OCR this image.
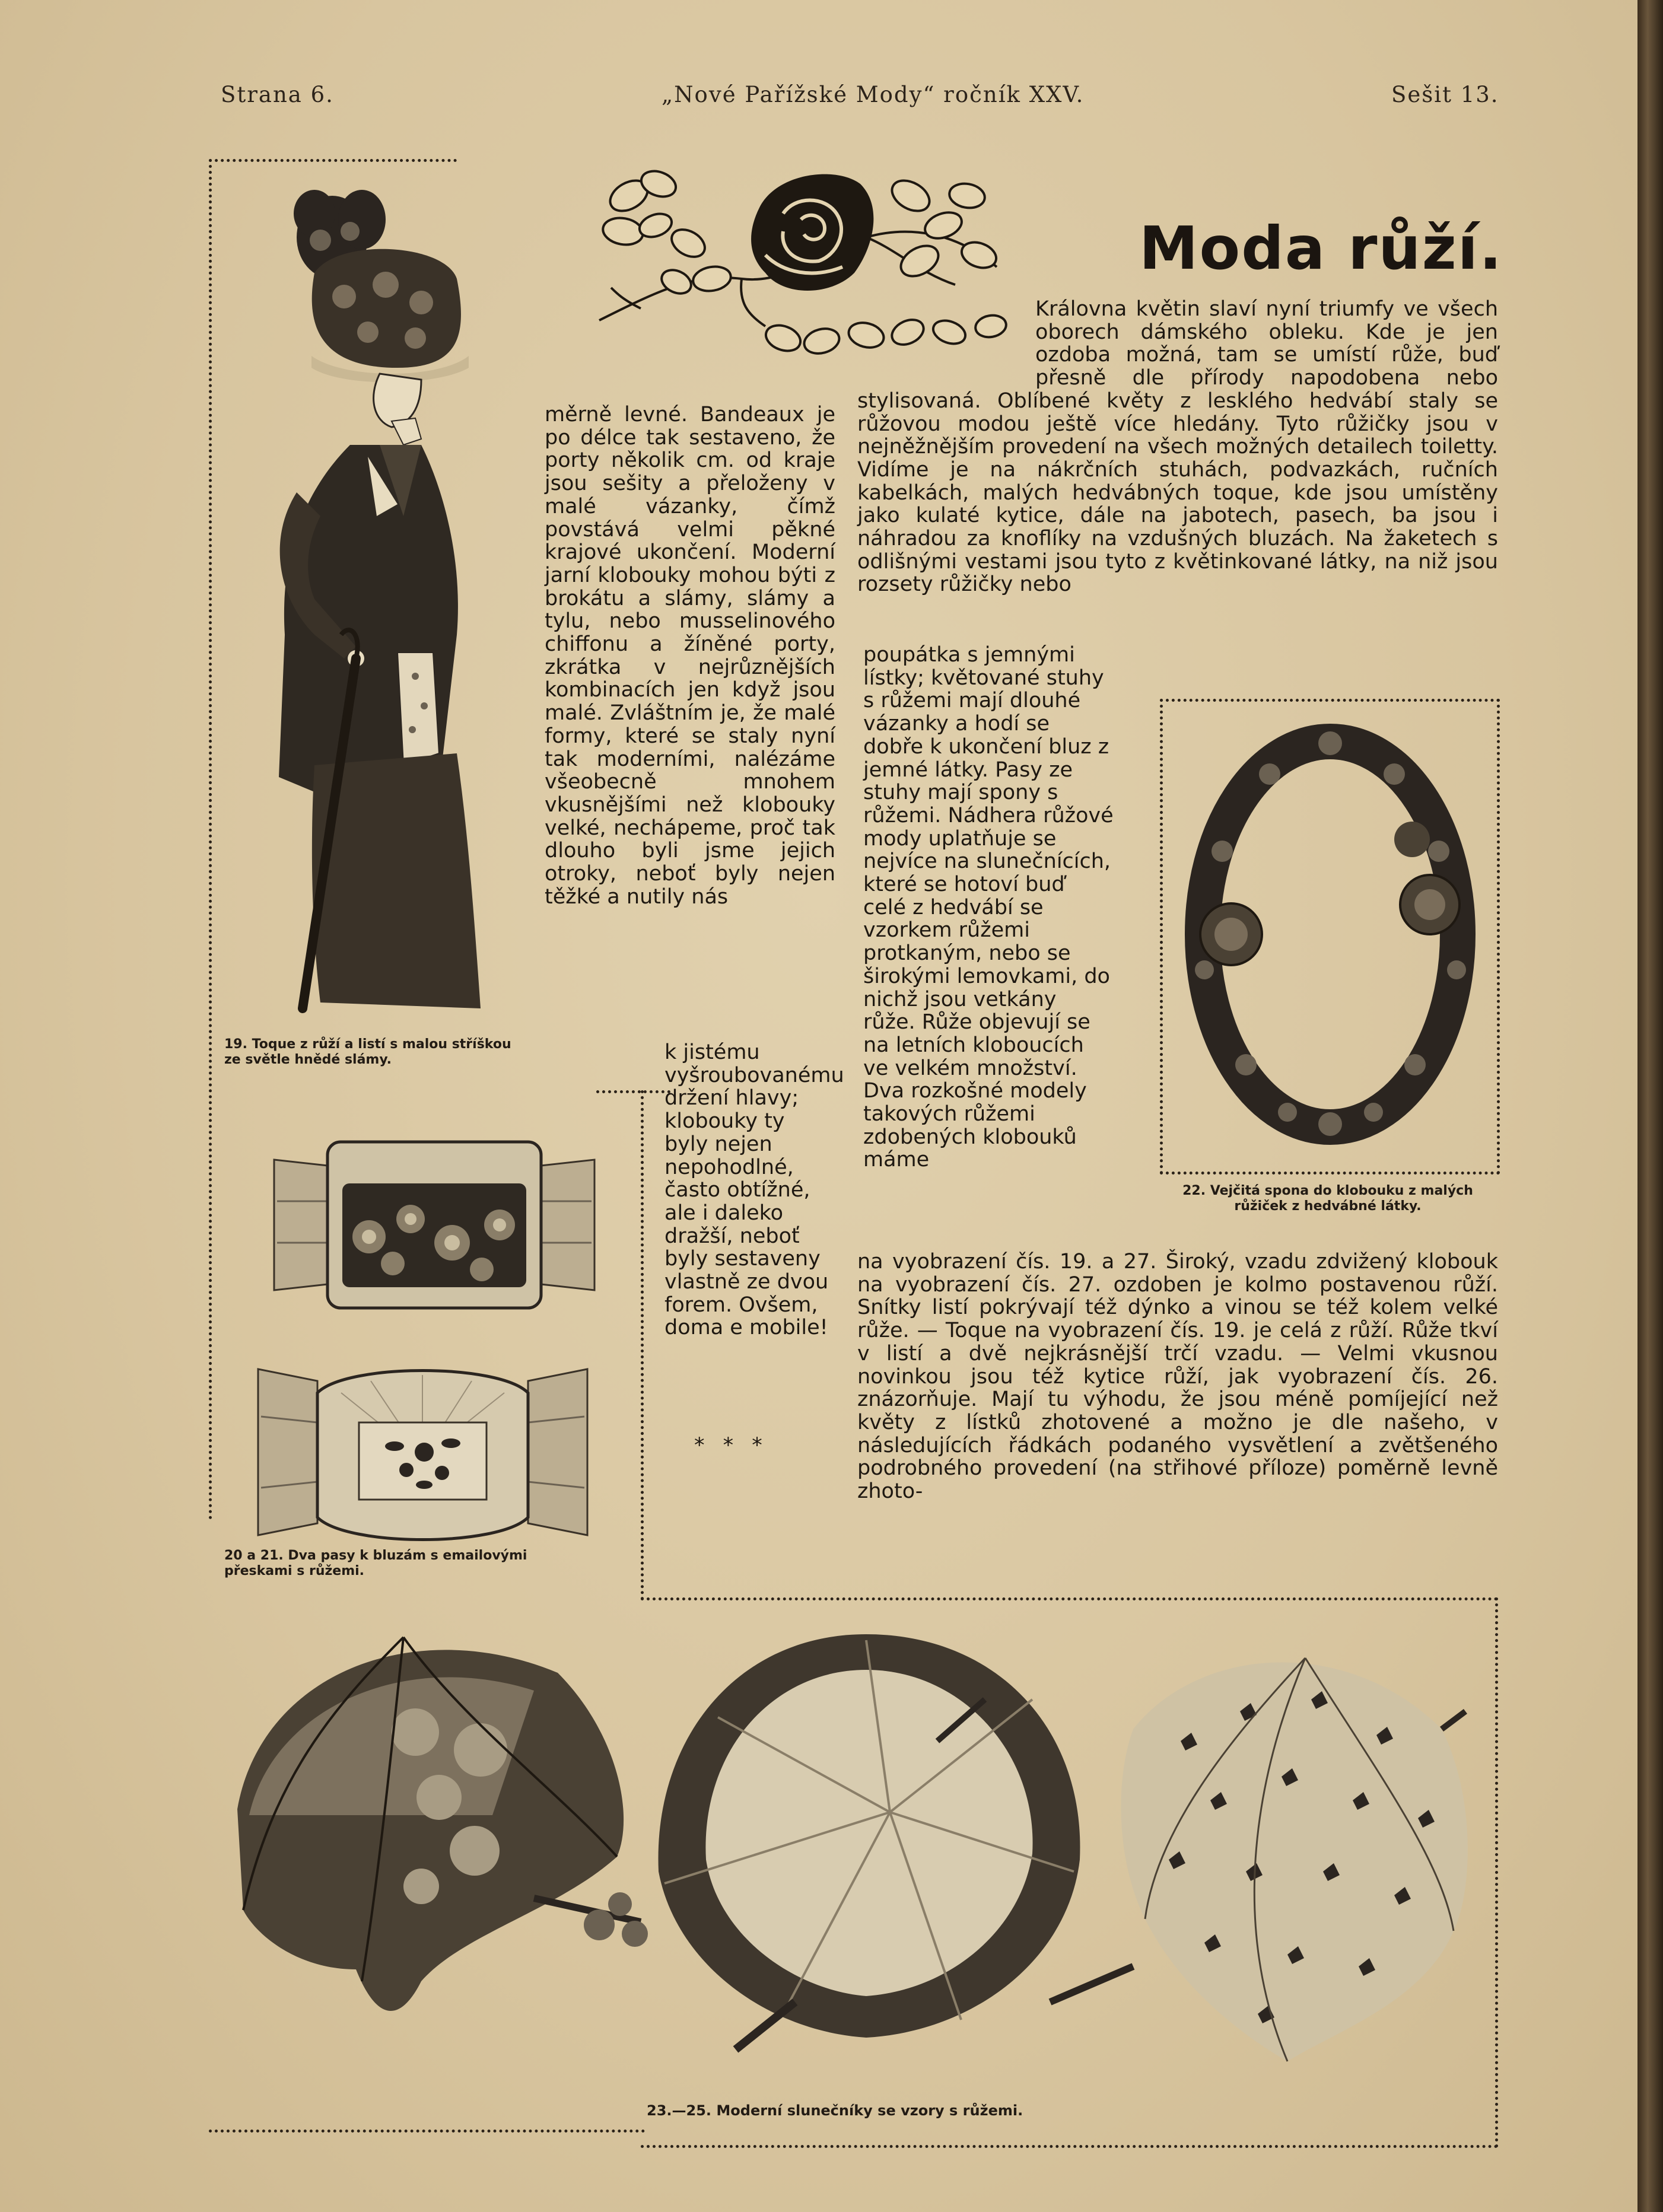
Strana 6.	„Nové Pařížské Mody“ ročník XXV.	Sešit 13.
Moda růží.
Královna květin slaví nyní triumfy ve všech oborech dámského obleku. Kde je jen ozdoba možná, tam se umístí růže, buď přesně dle přírody napodobena nebo stylisovaná. Oblíbené květy z lesklého hedvábí staly se růžovou modou ještě více hledány. Tyto růžičky jsou v nejněžnějším provedení na všech možných detailech toiletty. Vidíme je na nákrčních stuhách, podvazkách, ručních kabelkách, malých hedvábných toque, kde jsou umístěny jako kulaté kytice, dále na jabotech, pasech, ba jsou i náhradou za knoflíky na vzdušných bluzách. Na žaketech s odlišnými vestami jsou tyto z květinkované látky, na niž jsou rozsety růžičky nebo
poupátka s jemnými lístky; květované stuhy s růžemi mají dlouhé vázanky a hodí se dobře k ukončení bluz z jemné látky. Pasy ze stuhy mají spony s růžemi. Nádhera růžové mody uplatňuje se nejvíce na slunečnících, které se hotoví buď celé z hedvábí se vzorkem růžemi protkaným, nebo se širokými lemovkami, do nichž jsou vetkány růže. Růže objevují se na letních kloboucích ve velkém množství. Dva rozkošné modely takových růžemi zdobených klobouků máme
na vyobrazení čís. 19. a 27. Široký, vzadu zdvižený klobouk na vyobrazení čís. 27. ozdoben je kolmo postavenou růží. Snítky listí pokrývají též dýnko a vinou se též kolem velké růže. — Toque na vyobrazení čís. 19. je celá z růží. Růže tkví v listí a dvě nejkrásnější trčí vzadu. — Velmi vkusnou novinkou jsou též kytice růží, jak vyobrazení čís. 26. znázorňuje. Mají tu výhodu, že jsou méně pomíjející než květy z lístků zhotovené a možno je dle našeho, v následujících řádkách podaného vysvětlení a zvětšeného podrobného provedení (na střihové příloze) poměrně levně zhoto-
měrně levné. Bandeaux je po délce tak sestaveno, že porty několik cm. od kraje jsou sešity a přeloženy v malé vázanky, čímž povstává velmi pěkné krajové ukončení. Moderní jarní klobouky mohou býti z brokátu a slámy, slámy a tylu, nebo musselinového chiffonu a žíněné porty, zkrátka v nejrůznějších kombinacích jen když jsou malé. Zvláštním je, že malé formy, které se staly nyní tak moderními, nalézáme všeobecně mnohem vkusnějšími než klobouky velké, nechápeme, proč tak dlouho byli jsme jejich otroky, neboť byly nejen těžké a nutily nás
k jistému vyšroubovanému držení hlavy; klobouky ty byly nejen nepohodlné, často obtížné, ale i daleko dražší, neboť byly sestaveny vlastně ze dvou forem. Ovšem, doma e mobile!
* * *
19. Toque z růží a listí s malou stříškou ze světle hnědé slámy.
20 a 21. Dva pasy k bluzám s emailovými přeskami s růžemi.
22. Vejčitá spona do klobouku z malých růžiček z hedvábné látky.
23.—25. Moderní slunečníky se vzory s růžemi.
